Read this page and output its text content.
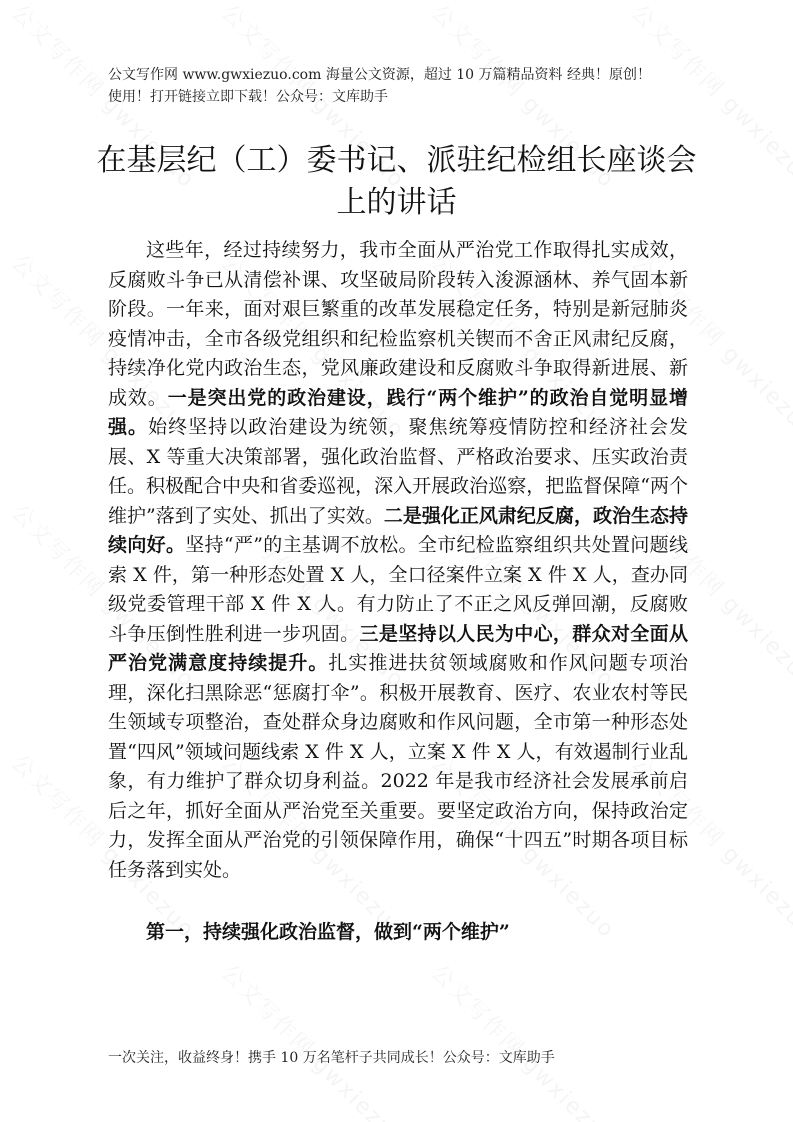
公文写作网 www.gwxiezuo.com 海量公文资源，超过 10 万篇精品资料 经典！原创！
使用！打开链接立即下载！公众号：文库助手
在基层纪（工）委书记、派驻纪检组长座谈会
上的讲话

这些年，经过持续努力，我市全面从严治党工作取得扎实成效，反腐败斗争已从清偿补课、攻坚破局阶段转入浚源涵林、养气固本新阶段。一年来，面对艰巨繁重的改革发展稳定任务，特别是新冠肺炎疫情冲击，全市各级党组织和纪检监察机关锲而不舍正风肃纪反腐，持续净化党内政治生态，党风廉政建设和反腐败斗争取得新进展、新成效。一是突出党的政治建设，践行“两个维护”的政治自觉明显增强。始终坚持以政治建设为统领，聚焦统筹疫情防控和经济社会发展、X 等重大决策部署，强化政治监督、严格政治要求、压实政治责任。积极配合中央和省委巡视，深入开展政治巡察，把监督保障“两个维护”落到了实处、抓出了实效。二是强化正风肃纪反腐，政治生态持续向好。坚持“严”的主基调不放松。全市纪检监察组织共处置问题线索 X 件，第一种形态处置 X 人，全口径案件立案 X 件 X 人，查办同级党委管理干部 X 件 X 人。有力防止了不正之风反弹回潮，反腐败斗争压倒性胜利进一步巩固。三是坚持以人民为中心，群众对全面从严治党满意度持续提升。扎实推进扶贫领域腐败和作风问题专项治理，深化扫黑除恶“惩腐打伞”。积极开展教育、医疗、农业农村等民生领域专项整治，查处群众身边腐败和作风问题，全市第一种形态处置“四风”领域问题线索 X 件 X 人，立案 X 件 X 人，有效遏制行业乱象，有力维护了群众切身利益。2022 年是我市经济社会发展承前启后之年，抓好全面从严治党至关重要。要坚定政治方向，保持政治定力，发挥全面从严治党的引领保障作用，确保“十四五”时期各项目标任务落到实处。

第一，持续强化政治监督，做到“两个维护”
一次关注，收益终身！携手 10 万名笔杆子共同成长！公众号：文库助手
